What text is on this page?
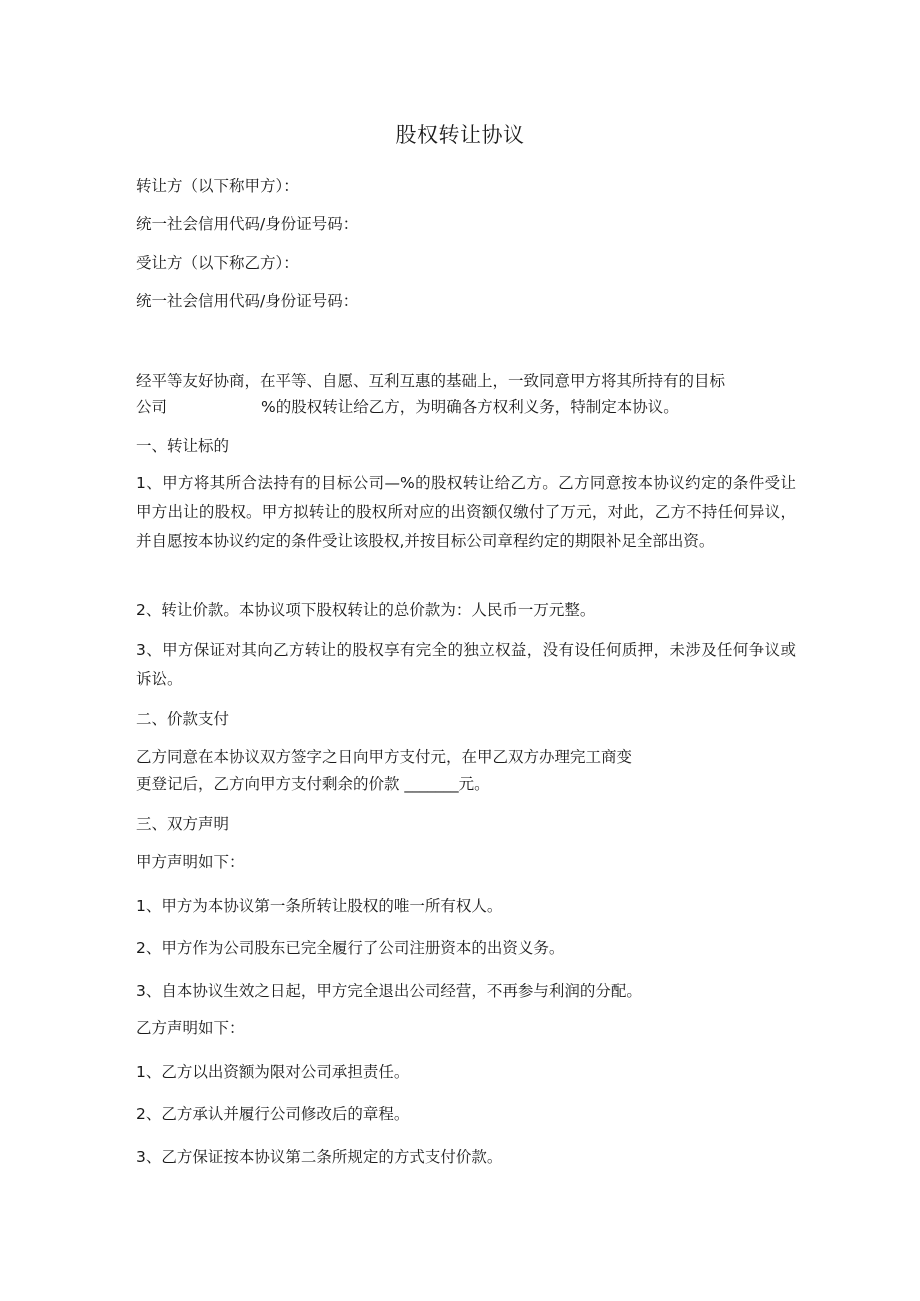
股权转让协议
转让方（以下称甲方）：
统一社会信用代码/身份证号码：
受让方（以下称乙方）：
统一社会信用代码/身份证号码：
经平等友好协商，在平等、自愿、互利互惠的基础上，一致同意甲方将其所持有的目标
公司	%的股权转让给乙方，为明确各方权利义务，特制定本协议。
一、转让标的
1、甲方将其所合法持有的目标公司—%的股权转让给乙方。乙方同意按本协议约定的条件受让甲方出让的股权。甲方拟转让的股权所对应的出资额仅缴付了万元，对此，乙方不持任何异议，并自愿按本协议约定的条件受让该股权,并按目标公司章程约定的期限补足全部出资。
2、转让价款。本协议项下股权转让的总价款为：人民币一万元整。
3、甲方保证对其向乙方转让的股权享有完全的独立权益，没有设任何质押，未涉及任何争议或诉讼。
二、价款支付
乙方同意在本协议双方签字之日向甲方支付元，在甲乙双方办理完工商变
更登记后，乙方向甲方支付剩余的价款 _______元。
三、双方声明
甲方声明如下：
1、甲方为本协议第一条所转让股权的唯一所有权人。
2、甲方作为公司股东已完全履行了公司注册资本的出资义务。
3、自本协议生效之日起，甲方完全退出公司经营，不再参与利润的分配。
乙方声明如下：
1、乙方以出资额为限对公司承担责任。
2、乙方承认并履行公司修改后的章程。
3、乙方保证按本协议第二条所规定的方式支付价款。
